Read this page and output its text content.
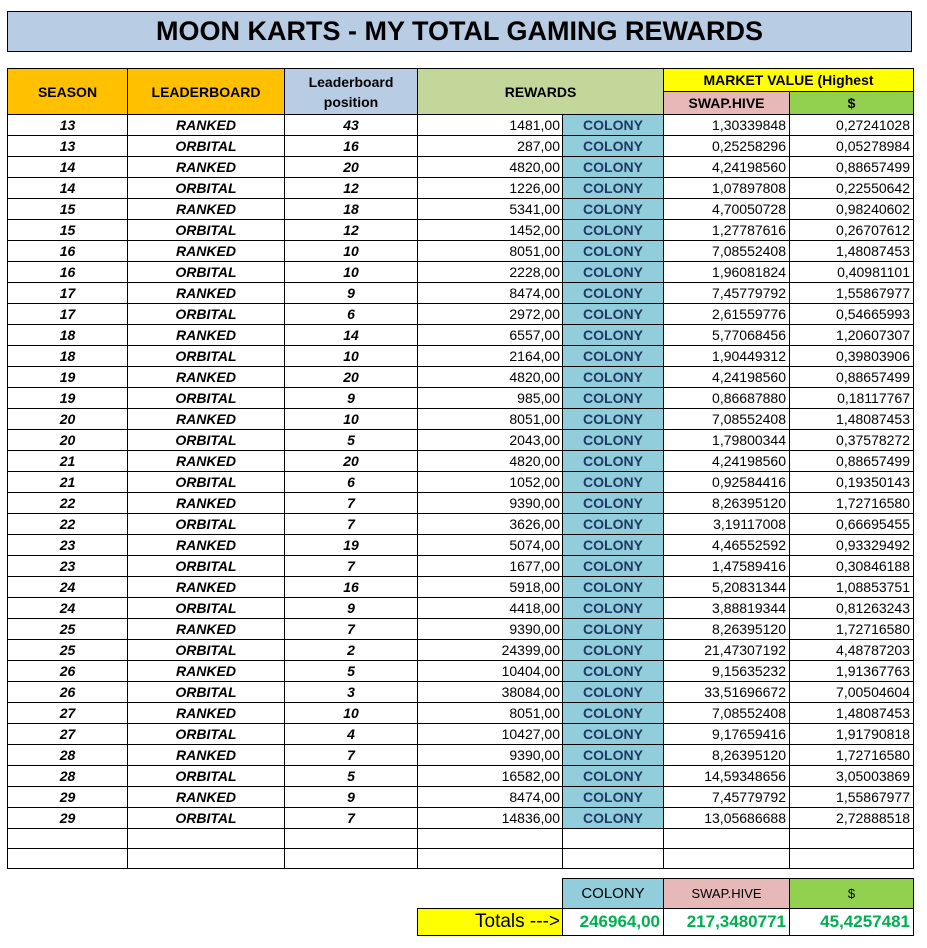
MOON KARTS - MY TOTAL GAMING REWARDS
SEASON	LEADERBOARD	Leaderboard position	REWARDS		MARKET VALUE (Highest	
					SWAP.HIVE	$
13	RANKED	43	1481,00	COLONY	1,30339848	0,27241028
13	ORBITAL	16	287,00	COLONY	0,25258296	0,05278984
14	RANKED	20	4820,00	COLONY	4,24198560	0,88657499
14	ORBITAL	12	1226,00	COLONY	1,07897808	0,22550642
15	RANKED	18	5341,00	COLONY	4,70050728	0,98240602
15	ORBITAL	12	1452,00	COLONY	1,27787616	0,26707612
16	RANKED	10	8051,00	COLONY	7,08552408	1,48087453
16	ORBITAL	10	2228,00	COLONY	1,96081824	0,40981101
17	RANKED	9	8474,00	COLONY	7,45779792	1,55867977
17	ORBITAL	6	2972,00	COLONY	2,61559776	0,54665993
18	RANKED	14	6557,00	COLONY	5,77068456	1,20607307
18	ORBITAL	10	2164,00	COLONY	1,90449312	0,39803906
19	RANKED	20	4820,00	COLONY	4,24198560	0,88657499
19	ORBITAL	9	985,00	COLONY	0,86687880	0,18117767
20	RANKED	10	8051,00	COLONY	7,08552408	1,48087453
20	ORBITAL	5	2043,00	COLONY	1,79800344	0,37578272
21	RANKED	20	4820,00	COLONY	4,24198560	0,88657499
21	ORBITAL	6	1052,00	COLONY	0,92584416	0,19350143
22	RANKED	7	9390,00	COLONY	8,26395120	1,72716580
22	ORBITAL	7	3626,00	COLONY	3,19117008	0,66695455
23	RANKED	19	5074,00	COLONY	4,46552592	0,93329492
23	ORBITAL	7	1677,00	COLONY	1,47589416	0,30846188
24	RANKED	16	5918,00	COLONY	5,20831344	1,08853751
24	ORBITAL	9	4418,00	COLONY	3,88819344	0,81263243
25	RANKED	7	9390,00	COLONY	8,26395120	1,72716580
25	ORBITAL	2	24399,00	COLONY	21,47307192	4,48787203
26	RANKED	5	10404,00	COLONY	9,15635232	1,91367763
26	ORBITAL	3	38084,00	COLONY	33,51696672	7,00504604
27	RANKED	10	8051,00	COLONY	7,08552408	1,48087453
27	ORBITAL	4	10427,00	COLONY	9,17659416	1,91790818
28	RANKED	7	9390,00	COLONY	8,26395120	1,72716580
28	ORBITAL	5	16582,00	COLONY	14,59348656	3,05003869
29	RANKED	9	8474,00	COLONY	7,45779792	1,55867977
29	ORBITAL	7	14836,00	COLONY	13,05686688	2,72888518

	COLONY	SWAP.HIVE	$
Totals --->	246964,00	217,3480771	45,4257481
